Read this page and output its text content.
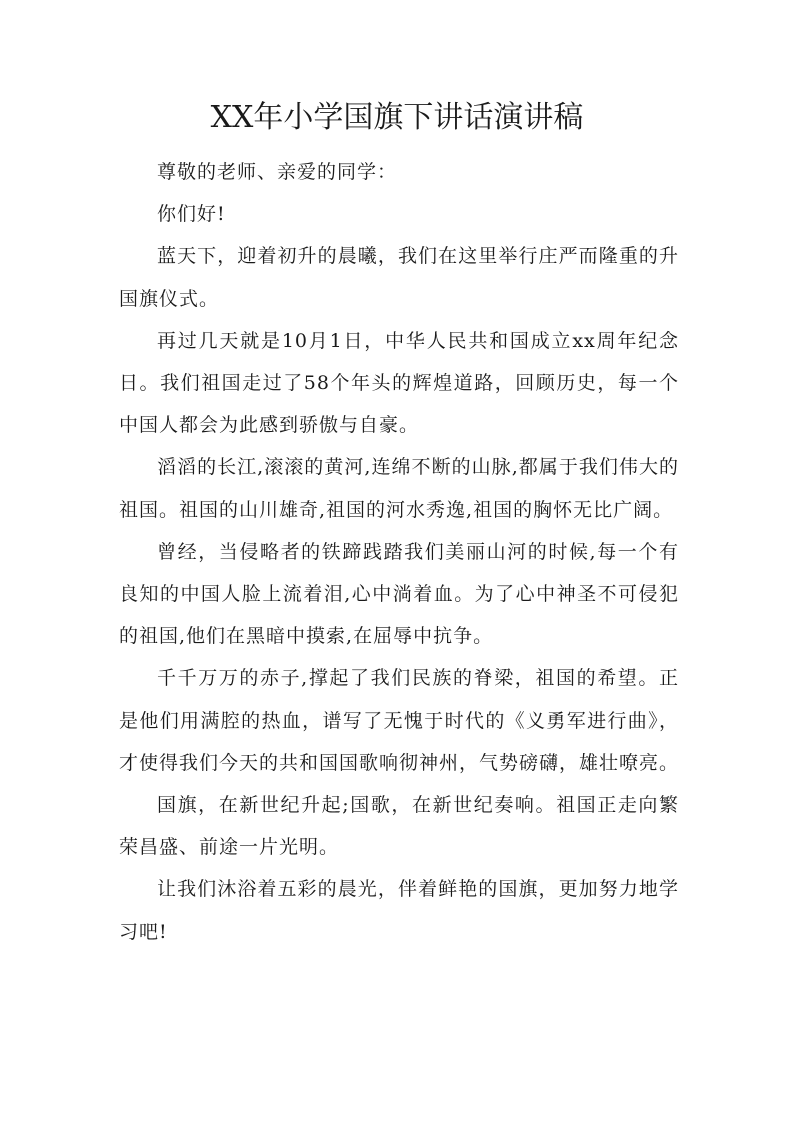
XX年小学国旗下讲话演讲稿

尊敬的老师、亲爱的同学：

你们好!

蓝天下，迎着初升的晨曦，我们在这里举行庄严而隆重的升国旗仪式。

再过几天就是10月1日，中华人民共和国成立xx周年纪念日。我们祖国走过了58个年头的辉煌道路，回顾历史，每一个中国人都会为此感到骄傲与自豪。

滔滔的长江,滚滚的黄河,连绵不断的山脉,都属于我们伟大的祖国。祖国的山川雄奇,祖国的河水秀逸,祖国的胸怀无比广阔。

曾经，当侵略者的铁蹄践踏我们美丽山河的时候,每一个有良知的中国人脸上流着泪,心中淌着血。为了心中神圣不可侵犯的祖国,他们在黑暗中摸索,在屈辱中抗争。

千千万万的赤子,撑起了我们民族的脊梁，祖国的希望。正是他们用满腔的热血，谱写了无愧于时代的《义勇军进行曲》，才使得我们今天的共和国国歌响彻神州，气势磅礴，雄壮嘹亮。

国旗，在新世纪升起;国歌，在新世纪奏响。祖国正走向繁荣昌盛、前途一片光明。

让我们沐浴着五彩的晨光，伴着鲜艳的国旗，更加努力地学习吧!
